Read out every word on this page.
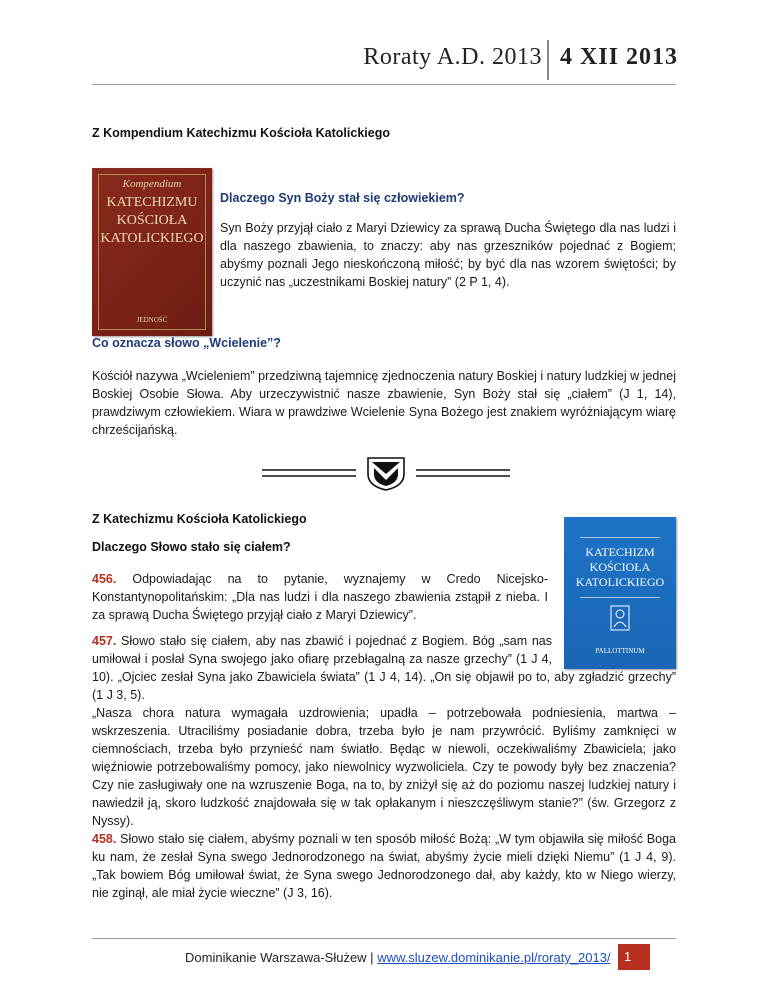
Roraty A.D. 2013 4 XII 2013
Z Kompendium Katechizmu Kościoła Katolickiego
Kompendium
KATECHIZMU
KOŚCIOŁA
KATOLICKIEGO
JEDNOŚĆ
Dlaczego Syn Boży stał się człowiekiem?
Syn Boży przyjął ciało z Maryi Dziewicy za sprawą Ducha Świętego dla nas ludzi i dla naszego zbawienia, to znaczy: aby nas grzeszników pojednać z Bogiem; abyśmy poznali Jego nieskończoną miłość; by być dla nas wzorem świętości; by uczynić nas „uczestnikami Boskiej natury” (2 P 1, 4).
Co oznacza słowo „Wcielenie”?
Kościół nazywa „Wcieleniem” przedziwną tajemnicę zjednoczenia natury Boskiej i natury ludzkiej w jednej Boskiej Osobie Słowa. Aby urzeczywistnić nasze zbawienie, Syn Boży stał się „ciałem” (J 1, 14), prawdziwym człowiekiem. Wiara w prawdziwe Wcielenie Syna Bożego jest znakiem wyróżniającym wiarę chrześcijańską.
Z Katechizmu Kościoła Katolickiego
Dlaczego Słowo stało się ciałem?	KATECHIZM
KOŚCIOŁA
KATOLICKIEGO
PALLOTTINUM
456. Odpowiadając na to pytanie, wyznajemy w Credo Nicejsko-Konstantynopolitańskim: „Dla nas ludzi i dla naszego zbawienia zstąpił z nieba. I za sprawą Ducha Świętego przyjął ciało z Maryi Dziewicy”.
457. Słowo stało się ciałem, aby nas zbawić i pojednać z Bogiem. Bóg „sam nas umiłował i posłał Syna swojego jako ofiarę przebłagalną za nasze grzechy” (1 J 4, 10). „Ojciec zesłał Syna jako Zbawiciela świata” (1 J 4, 14). „On się objawił po to, aby zgładzić grzechy” (1 J 3, 5).
„Nasza chora natura wymagała uzdrowienia; upadła – potrzebowała podniesienia, martwa – wskrzeszenia. Utraciliśmy posiadanie dobra, trzeba było je nam przywrócić. Byliśmy zamknięci w ciemnościach, trzeba było przynieść nam światło. Będąc w niewoli, oczekiwaliśmy Zbawiciela; jako więźniowie potrzebowaliśmy pomocy, jako niewolnicy wyzwoliciela. Czy te powody były bez znaczenia? Czy nie zasługiwały one na wzruszenie Boga, na to, by zniżył się aż do poziomu naszej ludzkiej natury i nawiedził ją, skoro ludzkość znajdowała się w tak opłakanym i nieszczęśliwym stanie?” (św. Grzegorz z Nyssy).
458. Słowo stało się ciałem, abyśmy poznali w ten sposób miłość Bożą: „W tym objawiła się miłość Boga ku nam, że zesłał Syna swego Jednorodzonego na świat, abyśmy życie mieli dzięki Niemu” (1 J 4, 9). „Tak bowiem Bóg umiłował świat, że Syna swego Jednorodzonego dał, aby każdy, kto w Niego wierzy, nie zginął, ale miał życie wieczne” (J 3, 16).
Dominikanie Warszawa-Służew | www.sluzew.dominikanie.pl/roraty_2013/	1
